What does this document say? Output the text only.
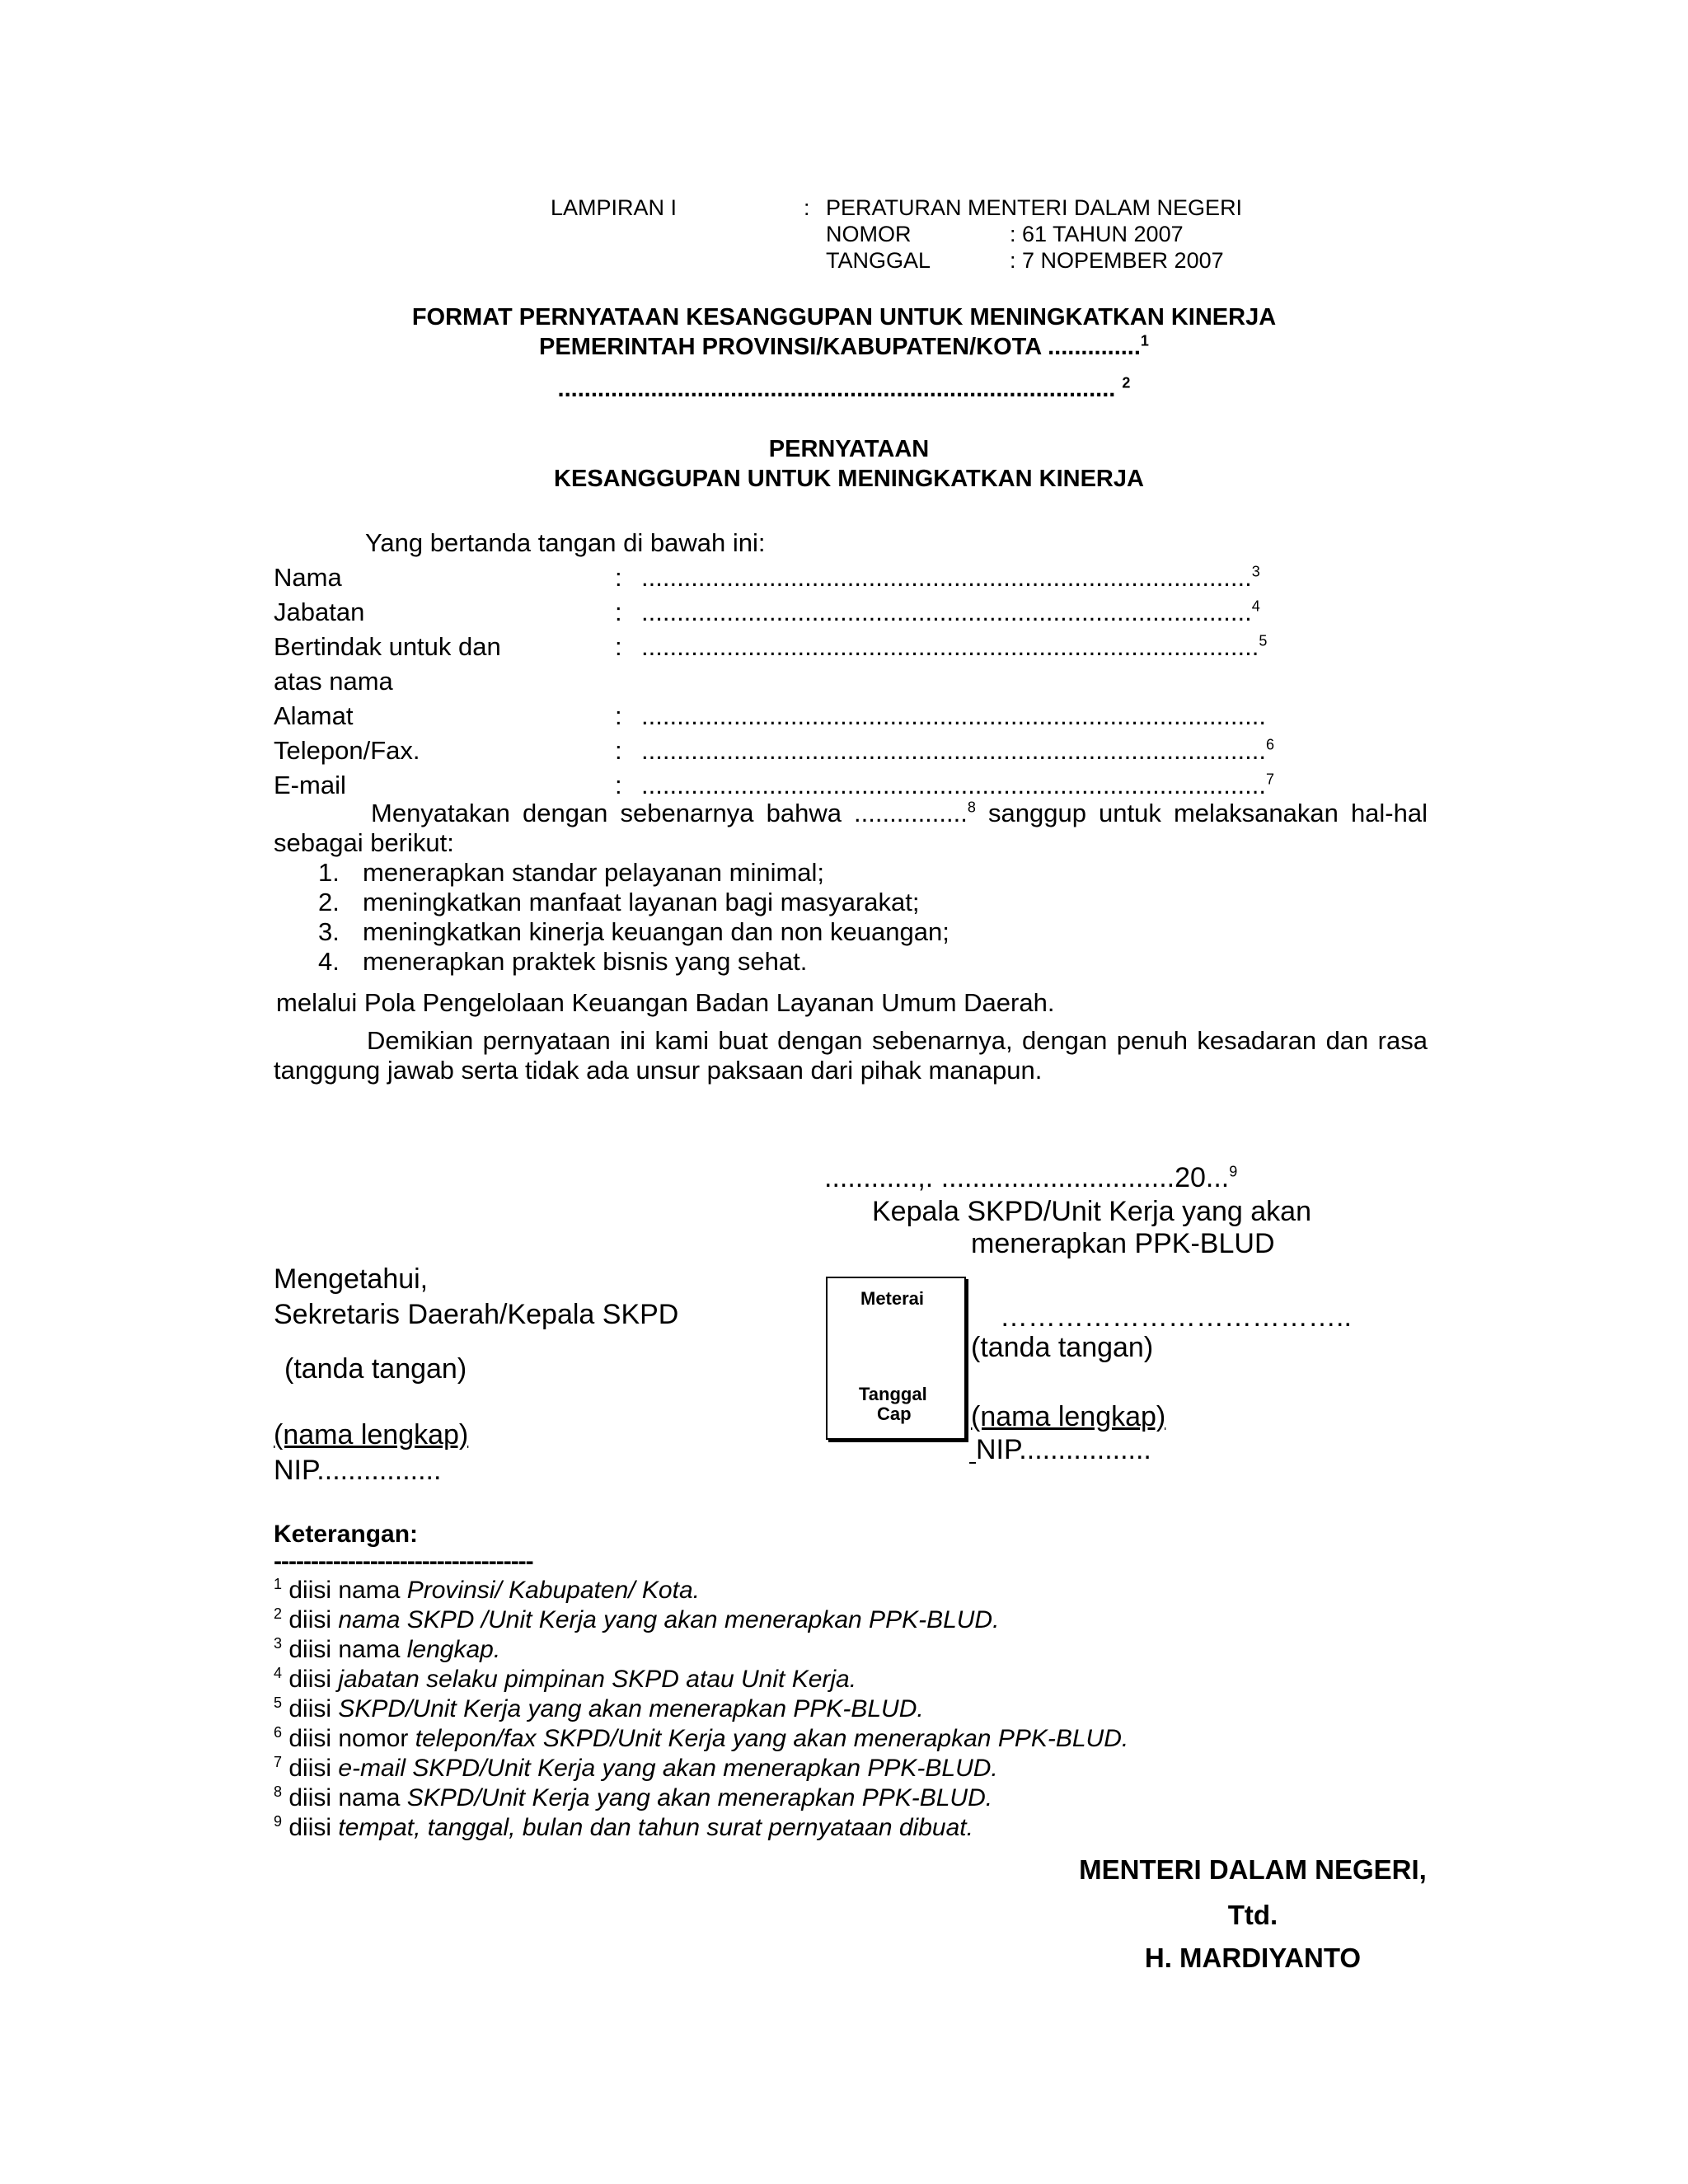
LAMPIRAN I	: PERATURAN MENTERI DALAM NEGERI
NOMOR	: 61 TAHUN 2007
TANGGAL	: 7 NOPEMBER 2007
FORMAT PERNYATAAN KESANGGUPAN UNTUK MENINGKATKAN KINERJA
PEMERINTAH PROVINSI/KABUPATEN/KOTA ..............$^1$
.................................................................................... $^2$
PERNYATAAN
KESANGGUPAN UNTUK MENINGKATKAN KINERJA
Yang bertanda tangan di bawah ini:
Nama	: ......................................................................................$^3$
Jabatan	: ......................................................................................$^4$
Bertindak untuk dan	: .......................................................................................$^5$
atas nama
Alamat	: ........................................................................................
Telepon/Fax.	: ........................................................................................$^6$
E-mail	: ........................................................................................$^7$
Menyatakan dengan sebenarnya bahwa ................$^8$ sanggup untuk melaksanakan hal-hal
sebagai berikut:
1. menerapkan standar pelayanan minimal;
2. meningkatkan manfaat layanan bagi masyarakat;
3. meningkatkan kinerja keuangan dan non keuangan;
4. menerapkan praktek bisnis yang sehat.
melalui Pola Pengelolaan Keuangan Badan Layanan Umum Daerah.
Demikian pernyataan ini kami buat dengan sebenarnya, dengan penuh kesadaran dan rasa
tanggung jawab serta tidak ada unsur paksaan dari pihak manapun.
............,. ..............................20...$^9$
Kepala SKPD/Unit Kerja yang akan
menerapkan PPK-BLUD
………………………………..
(tanda tangan)
(nama lengkap)
NIP.................
Meterai
Tanggal
Cap
Mengetahui,
Sekretaris Daerah/Kepala SKPD
(tanda tangan)
(nama lengkap)
NIP................
Keterangan:
-----------------------------------
$^1$ diisi nama Provinsi/ Kabupaten/ Kota.
$^2$ diisi nama SKPD /Unit Kerja yang akan menerapkan PPK-BLUD.
$^3$ diisi nama lengkap.
$^4$ diisi jabatan selaku pimpinan SKPD atau Unit Kerja.
$^5$ diisi SKPD/Unit Kerja yang akan menerapkan PPK-BLUD.
$^6$ diisi nomor telepon/fax SKPD/Unit Kerja yang akan menerapkan PPK-BLUD.
$^7$ diisi e-mail SKPD/Unit Kerja yang akan menerapkan PPK-BLUD.
$^8$ diisi nama SKPD/Unit Kerja yang akan menerapkan PPK-BLUD.
$^9$ diisi tempat, tanggal, bulan dan tahun surat pernyataan dibuat.
MENTERI DALAM NEGERI,
Ttd.
H. MARDIYANTO
